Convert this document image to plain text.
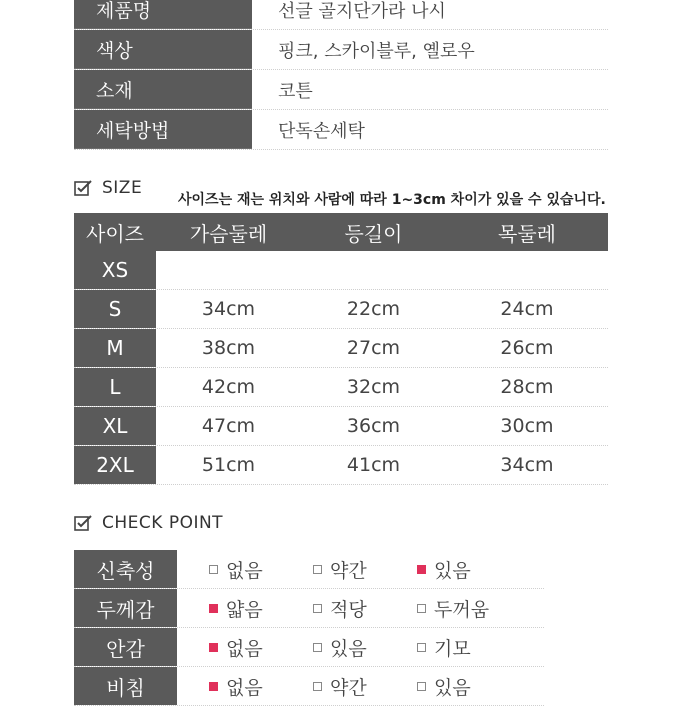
제품명	선글 골지단가라 나시
색상	핑크, 스카이블루, 옐로우
소재	코튼
세탁방법	단독손세탁
SIZE
사이즈는 재는 위치와 사람에 따라 1~3cm 차이가 있을 수 있습니다.
사이즈	가슴둘레	등길이	목둘레
XS
S	34cm	22cm	24cm
M	38cm	27cm	26cm
L	42cm	32cm	28cm
XL	47cm	36cm	30cm
2XL	51cm	41cm	34cm
CHECK POINT
신축성	없음	약간	있음
두께감	얇음	적당	두꺼움
안감	없음	있음	기모
비침	없음	약간	있음
